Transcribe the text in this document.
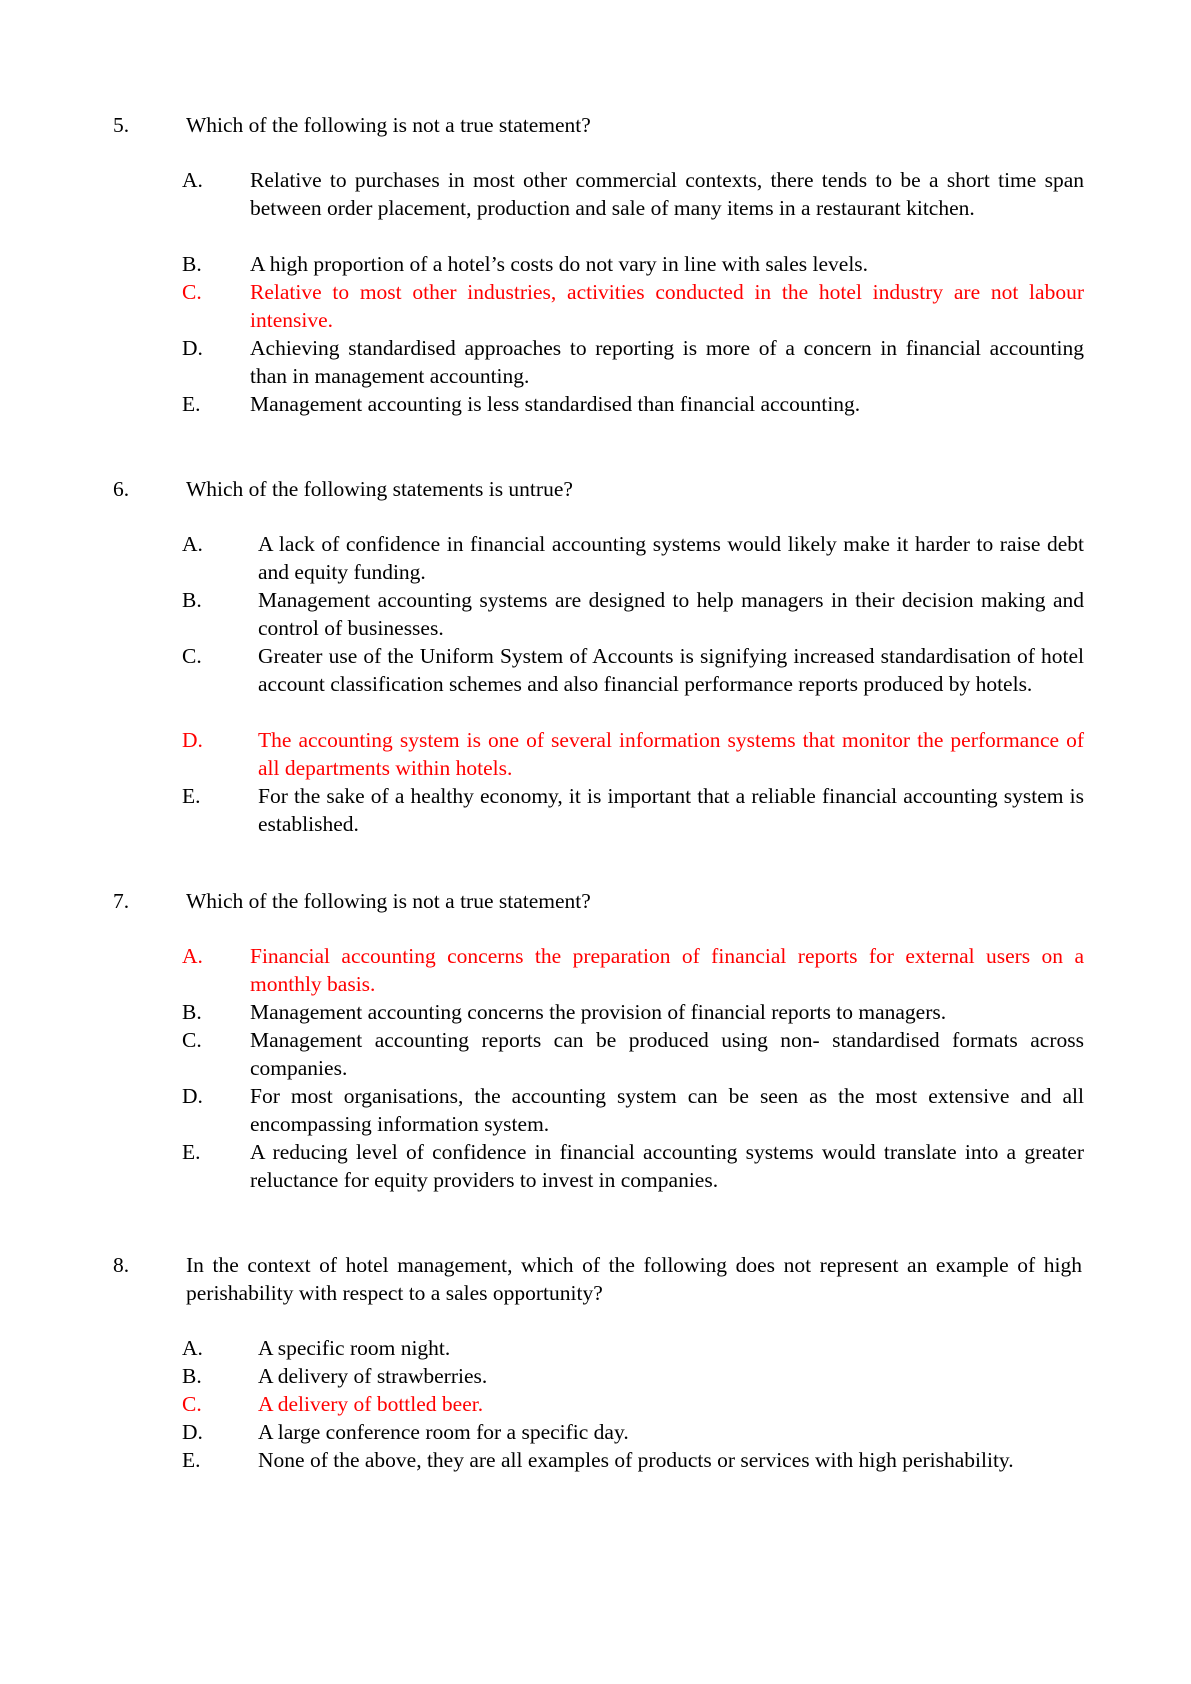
5.	Which of the following is not a true statement?
A. Relative to purchases in most other commercial contexts, there tends to be a short time span between order placement, production and sale of many items in a restaurant kitchen.
B. A high proportion of a hotel’s costs do not vary in line with sales levels.
C. Relative to most other industries, activities conducted in the hotel industry are not labour intensive.
D. Achieving standardised approaches to reporting is more of a concern in financial accounting than in management accounting.
E. Management accounting is less standardised than financial accounting.
6.	Which of the following statements is untrue?
A.	A lack of confidence in financial accounting systems would likely make it harder to raise debt and equity funding.
B.	Management accounting systems are designed to help managers in their decision making and control of businesses.
C.	Greater use of the Uniform System of Accounts is signifying increased standardisation of hotel account classification schemes and also financial performance reports produced by hotels.
D.	The accounting system is one of several information systems that monitor the performance of all departments within hotels.
E.	For the sake of a healthy economy, it is important that a reliable financial accounting system is established.
7.	Which of the following is not a true statement?
A. Financial accounting concerns the preparation of financial reports for external users on a monthly basis.
B. Management accounting concerns the provision of financial reports to managers.
C. Management accounting reports can be produced using non- standardised formats across companies.
D. For most organisations, the accounting system can be seen as the most extensive and all encompassing information system.
E. A reducing level of confidence in financial accounting systems would translate into a greater reluctance for equity providers to invest in companies.
8.	In the context of hotel management, which of the following does not represent an example of high perishability with respect to a sales opportunity?
A.	A specific room night.
B.	A delivery of strawberries.
C.	A delivery of bottled beer.
D.	A large conference room for a specific day.
E.	None of the above, they are all examples of products or services with high perishability.
